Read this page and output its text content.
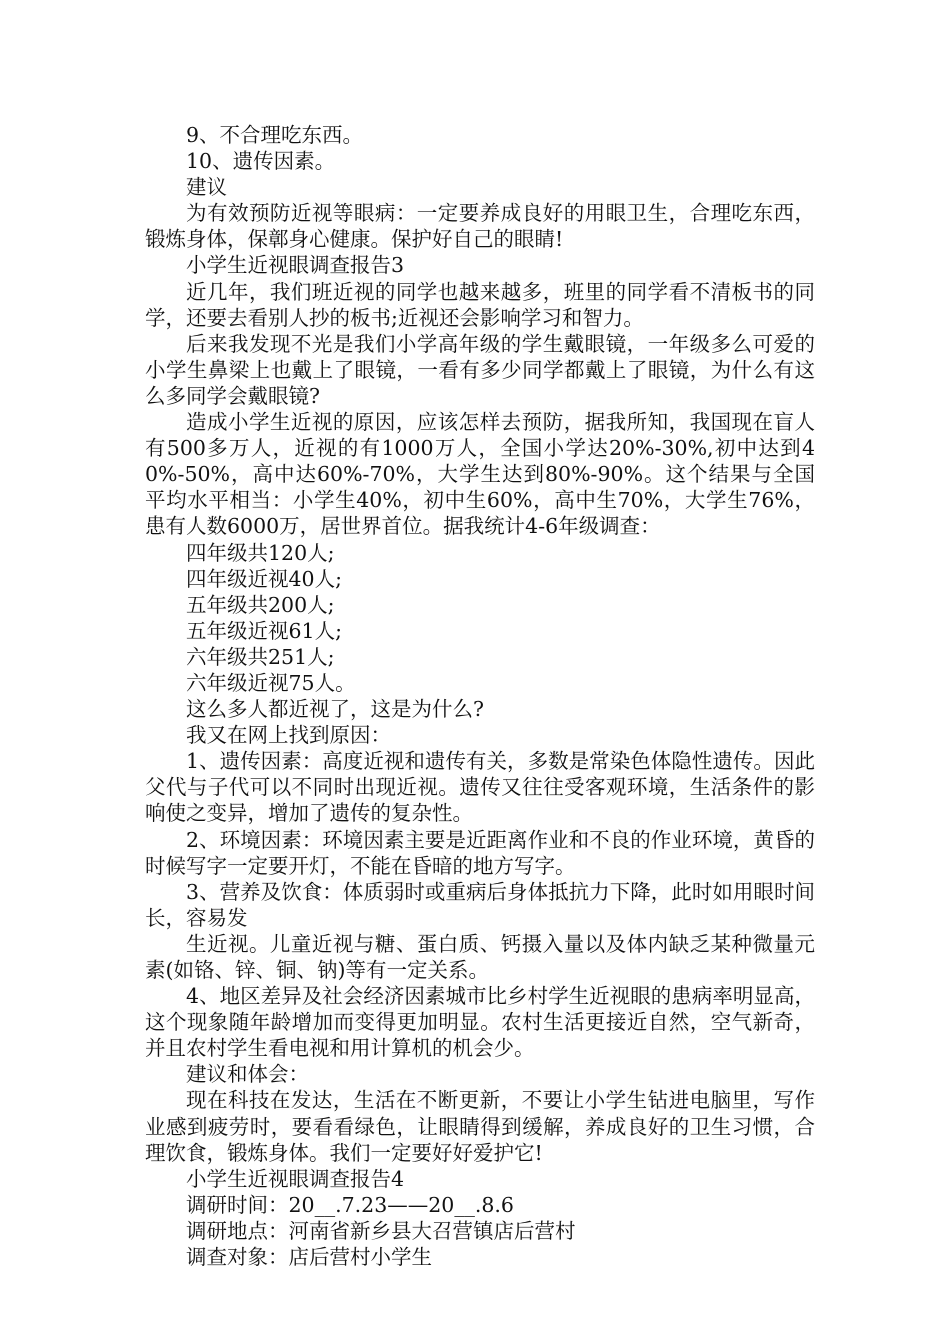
9、不合理吃东西。

10、遗传因素。

建议

为有效预防近视等眼病：一定要养成良好的用眼卫生，合理吃东西，锻炼身体，保鄣身心健康。保护好自己的眼睛!

小学生近视眼调查报告3

近几年，我们班近视的同学也越来越多，班里的同学看不清板书的同学，还要去看别人抄的板书;近视还会影响学习和智力。

后来我发现不光是我们小学高年级的学生戴眼镜，一年级多么可爱的小学生鼻梁上也戴上了眼镜，一看有多少同学都戴上了眼镜，为什么有这么多同学会戴眼镜?

造成小学生近视的原因，应该怎样去预防，据我所知，我国现在盲人有500多万人，近视的有1000万人，全国小学达20%-30%,初中达到40%-50%，高中达60%-70%，大学生达到80%-90%。这个结果与全国平均水平相当：小学生40%，初中生60%，高中生70%，大学生76%，患有人数6000万，居世界首位。据我统计4-6年级调查：

四年级共120人;

四年级近视40人;

五年级共200人;

五年级近视61人;

六年级共251人;

六年级近视75人。

这么多人都近视了，这是为什么?

我又在网上找到原因：

1、遗传因素：高度近视和遗传有关，多数是常染色体隐性遗传。因此父代与子代可以不同时出现近视。遗传又往往受客观环境，生活条件的影响使之变异，增加了遗传的复杂性。

2、环境因素：环境因素主要是近距离作业和不良的作业环境，黄昏的时候写字一定要开灯，不能在昏暗的地方写字。

3、营养及饮食：体质弱时或重病后身体抵抗力下降，此时如用眼时间长，容易发

生近视。儿童近视与糖、蛋白质、钙摄入量以及体内缺乏某种微量元素(如铬、锌、铜、钠)等有一定关系。

4、地区差异及社会经济因素城市比乡村学生近视眼的患病率明显高，这个现象随年龄增加而变得更加明显。农村生活更接近自然，空气新奇，并且农村学生看电视和用计算机的机会少。

建议和体会：

现在科技在发达，生活在不断更新，不要让小学生钻进电脑里，写作业感到疲劳时，要看看绿色，让眼睛得到缓解，养成良好的卫生习惯，合理饮食，锻炼身体。我们一定要好好爱护它!

小学生近视眼调查报告4

调研时间：20__.7.23——20__.8.6

调研地点：河南省新乡县大召营镇店后营村

调查对象：店后营村小学生
